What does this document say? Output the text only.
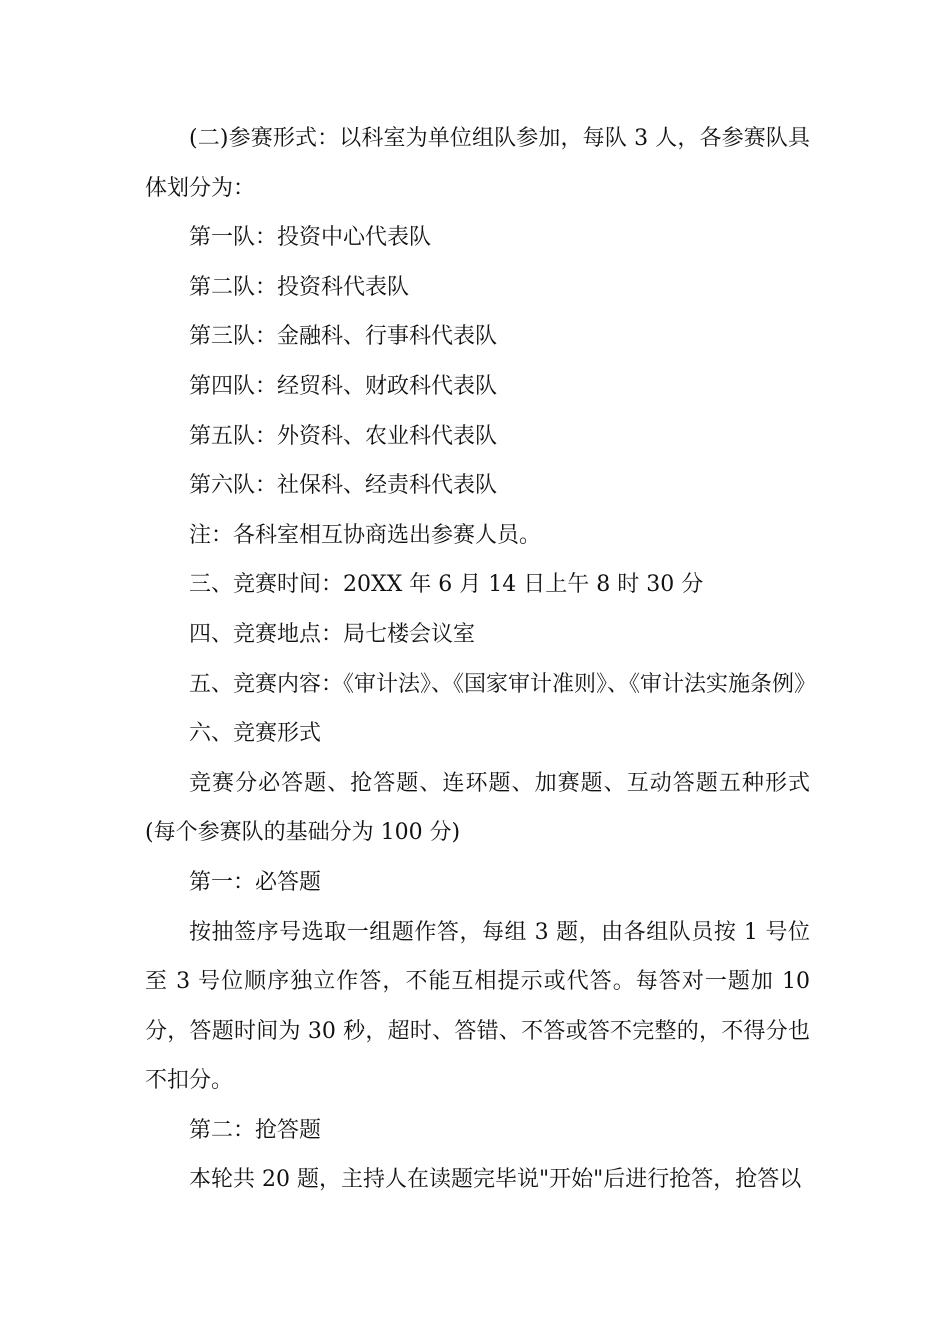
(二)参赛形式：以科室为单位组队参加，每队 3 人，各参赛队具体划分为：

第一队：投资中心代表队

第二队：投资科代表队

第三队：金融科、行事科代表队

第四队：经贸科、财政科代表队

第五队：外资科、农业科代表队

第六队：社保科、经责科代表队

注：各科室相互协商选出参赛人员。

三、竞赛时间：20XX 年 6 月 14 日上午 8 时 30 分

四、竞赛地点：局七楼会议室

五、竞赛内容：《审计法》、《国家审计准则》、《审计法实施条例》

六、竞赛形式

竞赛分必答题、抢答题、连环题、加赛题、互动答题五种形式(每个参赛队的基础分为 100 分)

第一：必答题

按抽签序号选取一组题作答，每组 3 题，由各组队员按 1 号位至 3 号位顺序独立作答，不能互相提示或代答。每答对一题加 10 分，答题时间为 30 秒，超时、答错、不答或答不完整的，不得分也不扣分。

第二：抢答题

本轮共 20 题，主持人在读题完毕说"开始"后进行抢答，抢答以
